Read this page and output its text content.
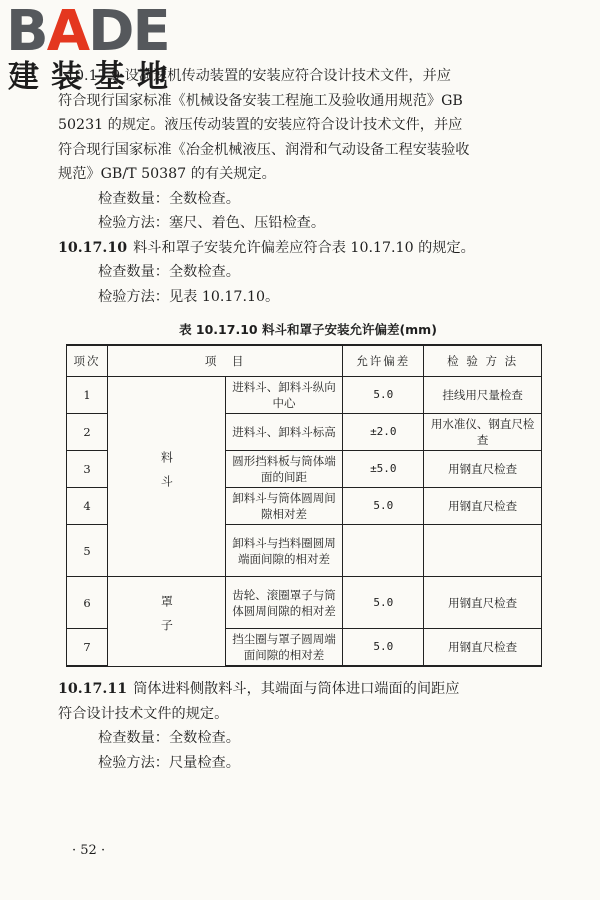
BADE
建装基地

10.17.9 设减速机传动装置的安装应符合设计技术文件，并应

符合现行国家标准《机械设备安装工程施工及验收通用规范》GB

50231 的规定。液压传动装置的安装应符合设计技术文件，并应

符合现行国家标准《冶金机械液压、润滑和气动设备工程安装验收

规范》GB/T 50387 的有关规定。

检查数量：全数检查。

检验方法：塞尺、着色、压铅检查。

10.17.10 料斗和罩子安装允许偏差应符合表 10.17.10 的规定。

检查数量：全数检查。

检验方法：见表 10.17.10。

表 10.17.10 料斗和罩子安装允许偏差(mm)
项次	项　目		允许偏差	检 验 方 法

1	料斗	进料斗、卸料斗纵向中心	5.0	挂线用尺量检查
2		进料斗、卸料斗标高	±2.0	用水准仪、钢直尺检查
3		圆形挡料板与筒体端面的间距	±5.0	用钢直尺检查
4		卸料斗与筒体圆周间隙相对差	5.0	用钢直尺检查
5		卸料斗与挡料圈圆周端面间隙的相对差		
6	罩子	齿轮、滚圈罩子与筒体圆周间隙的相对差	5.0	用钢直尺检查
7		挡尘圈与罩子圆周端面间隙的相对差	5.0	用钢直尺检查

10.17.11 筒体进料侧散料斗，其端面与筒体进口端面的间距应

符合设计技术文件的规定。

检查数量：全数检查。

检验方法：尺量检查。

· 52 ·
